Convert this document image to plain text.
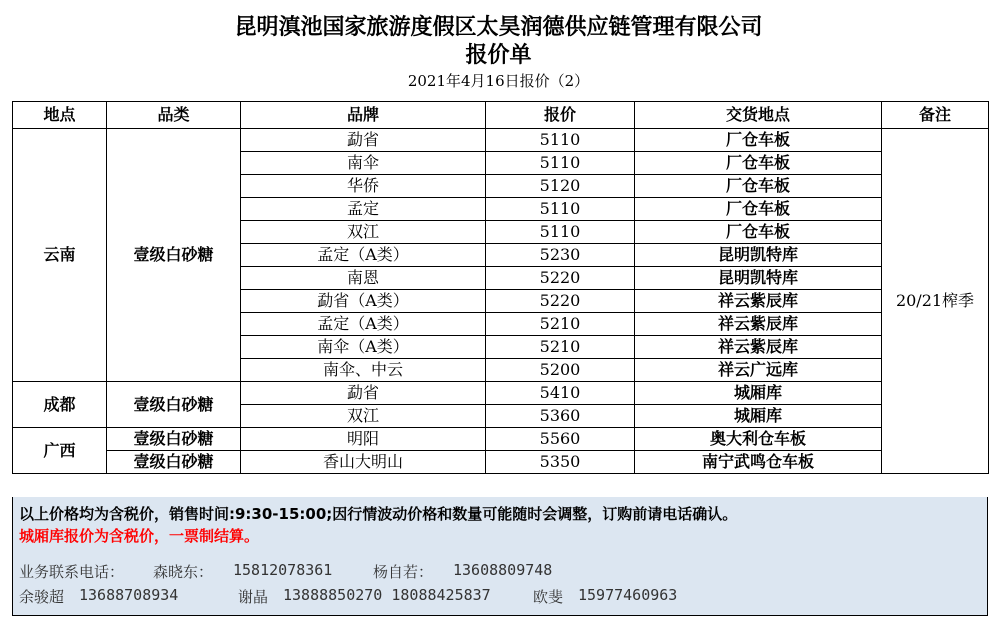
昆明滇池国家旅游度假区太昊润德供应链管理有限公司
报价单
2021年4月16日报价（2）
地点	品类	品牌	报价	交货地点	备注
云南	壹级白砂糖	勐省	5110	厂仓车板	20/21榨季
		南伞	5110	厂仓车板	
		华侨	5120	厂仓车板	
		孟定	5110	厂仓车板	
		双江	5110	厂仓车板	
		孟定（A类）	5230	昆明凯特库	
		南恩	5220	昆明凯特库	
		勐省（A类）	5220	祥云紫辰库	
		孟定（A类）	5210	祥云紫辰库	
		南伞（A类）	5210	祥云紫辰库	
		南伞、中云	5200	祥云广远库	
成都	壹级白砂糖	勐省	5410	城厢库	
		双江	5360	城厢库	
广西	壹级白砂糖	明阳	5560	奥大利仓车板	
	壹级白砂糖	香山大明山	5350	南宁武鸣仓车板	
以上价格均为含税价，销售时间:9:30-15:00;因行情波动价格和数量可能随时会调整，订购前请电话确认。
城厢库报价为含税价，一票制结算。
业务联系电话： 森晓东： 15812078361	杨自若： 13608809748
余骏超 13688708934	谢晶 13888850270 18088425837	欧斐 15977460963
